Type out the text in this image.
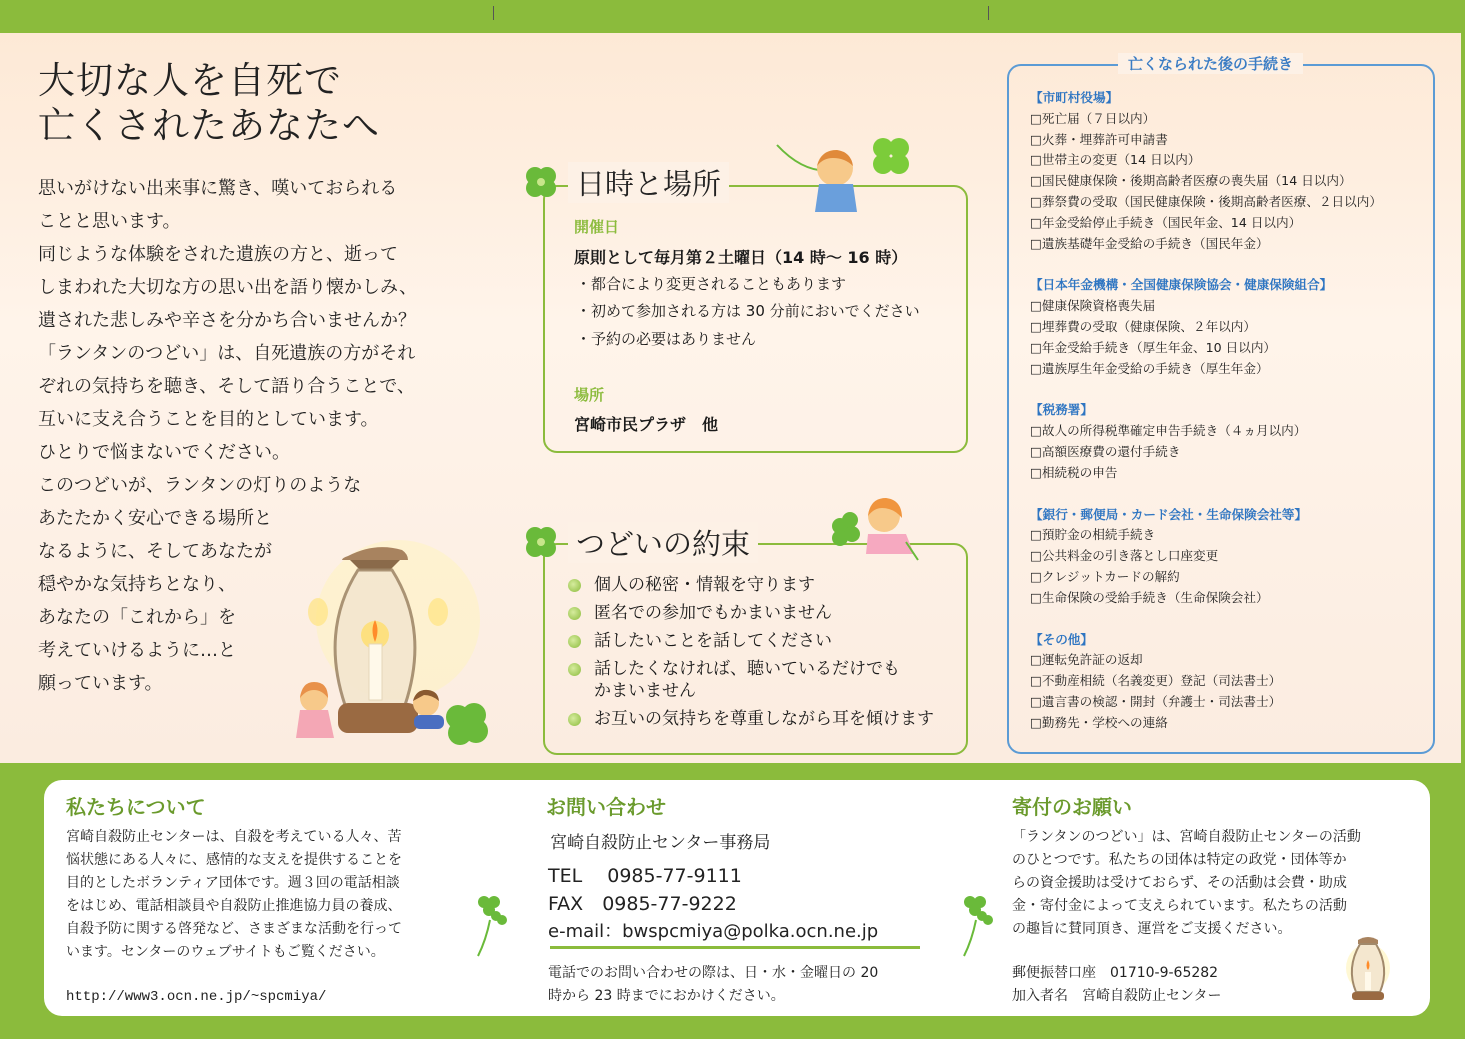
大切な人を自死で
亡くされたあなたへ

思いがけない出来事に驚き、嘆いておられる

ことと思います。

同じような体験をされた遺族の方と、逝って

しまわれた大切な方の思い出を語り懐かしみ、

遺された悲しみや辛さを分かち合いませんか？

「ランタンのつどい」は、自死遺族の方がそれ

ぞれの気持ちを聴き、そして語り合うことで、

互いに支え合うことを目的としています。

ひとりで悩まないでください。

このつどいが、ランタンの灯りのような

あたたかく安心できる場所と

なるように、そしてあなたが

穏やかな気持ちとなり、

あなたの「これから」を

考えていけるように…と

願っています。

日時と場所
開催日
原則として毎月第２土曜日（14 時〜 16 時）
・都合により変更されることもあります
・初めて参加される方は 30 分前においでください
・予約の必要はありません
場所
宮崎市民プラザ　他
つどいの約束
個人の秘密・情報を守ります
匿名での参加でもかまいません
話したいことを話してください
話したくなければ、聴いているだけでも
かまいません
お互いの気持ちを尊重しながら耳を傾けます
亡くなられた後の手続き
【市町村役場】
□死亡届（７日以内）
□火葬・埋葬許可申請書
□世帯主の変更（14 日以内）
□国民健康保険・後期高齢者医療の喪失届（14 日以内）
□葬祭費の受取（国民健康保険・後期高齢者医療、２日以内）
□年金受給停止手続き（国民年金、14 日以内）
□遺族基礎年金受給の手続き（国民年金）
【日本年金機構・全国健康保険協会・健康保険組合】
□健康保険資格喪失届
□埋葬費の受取（健康保険、２年以内）
□年金受給手続き（厚生年金、10 日以内）
□遺族厚生年金受給の手続き（厚生年金）
【税務署】
□故人の所得税準確定申告手続き（４ヵ月以内）
□高額医療費の還付手続き
□相続税の申告
【銀行・郵便局・カード会社・生命保険会社等】
□預貯金の相続手続き
□公共料金の引き落とし口座変更
□クレジットカードの解約
□生命保険の受給手続き（生命保険会社）
【その他】
□運転免許証の返却
□不動産相続（名義変更）登記（司法書士）
□遺言書の検認・開封（弁護士・司法書士）
□勤務先・学校への連絡
私たちについて

宮崎自殺防止センターは、自殺を考えている人々、苦

悩状態にある人々に、感情的な支えを提供することを

目的としたボランティア団体です。週３回の電話相談

をはじめ、電話相談員や自殺防止推進協力員の養成、

自殺予防に関する啓発など、さまざまな活動を行って

います。センターのウェブサイトもご覧ください。

http://www3.ocn.ne.jp/~spcmiya/
お問い合わせ
宮崎自殺防止センター事務局
TEL　 0985-77-9111
FAX　0985-77-9222
e-mail：bwspcmiya@polka.ocn.ne.jp

電話でのお問い合わせの際は、日・水・金曜日の 20

時から 23 時までにおかけください。

寄付のお願い

「ランタンのつどい」は、宮崎自殺防止センターの活動

のひとつです。私たちの団体は特定の政党・団体等か

らの資金援助は受けておらず、その活動は会費・助成

金・寄付金によって支えられています。私たちの活動

の趣旨に賛同頂き、運営をご支援ください。

郵便振替口座　01710-9-65282

加入者名　宮崎自殺防止センター
